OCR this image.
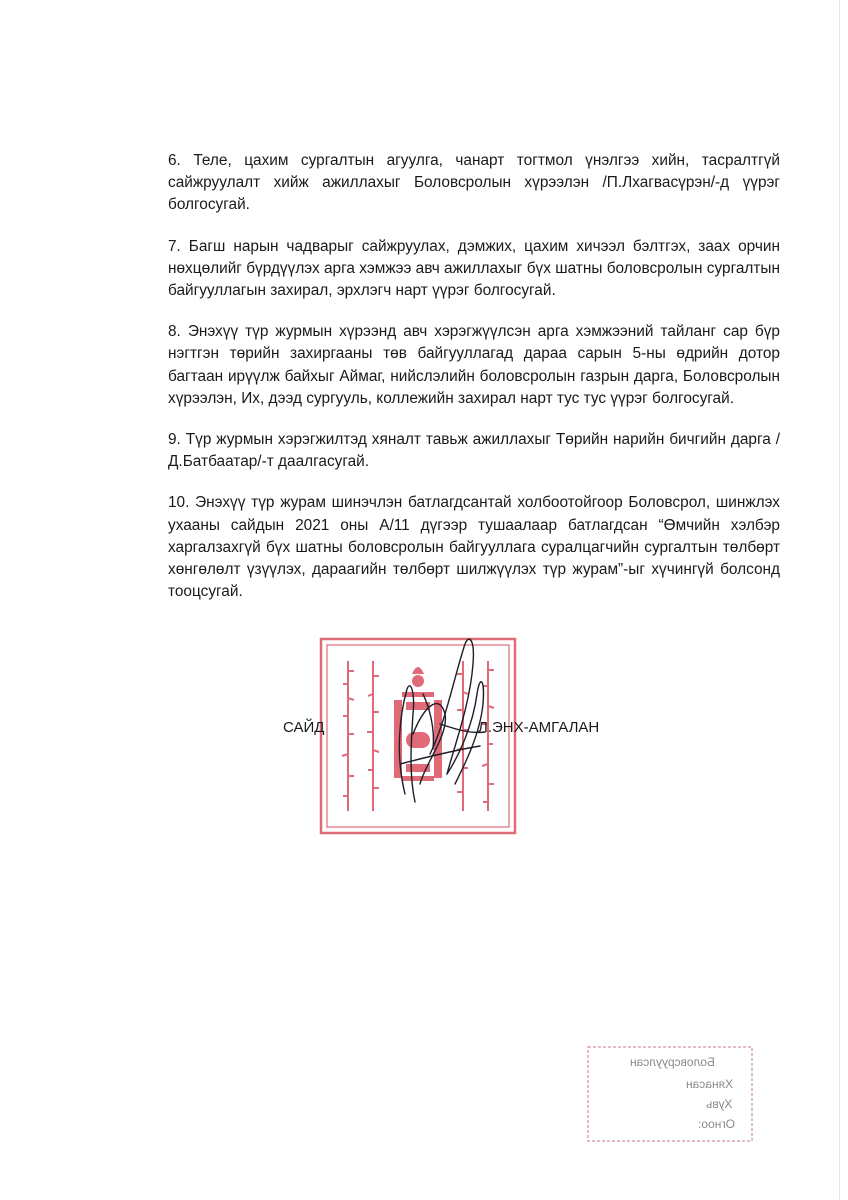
6. Теле, цахим сургалтын агуулга, чанарт тогтмол үнэлгээ хийн, тасралтгүй сайжруулалт хийж ажиллахыг Боловсролын хүрээлэн /П.Лхагвасүрэн/-д үүрэг болгосугай.

7. Багш нарын чадварыг сайжруулах, дэмжих, цахим хичээл бэлтгэх, заах орчин нөхцөлийг бүрдүүлэх арга хэмжээ авч ажиллахыг бүх шатны боловсролын сургалтын байгууллагын захирал, эрхлэгч нарт үүрэг болгосугай.

8. Энэхүү түр журмын хүрээнд авч хэрэгжүүлсэн арга хэмжээний тайланг сар бүр нэгтгэн төрийн захиргааны төв байгууллагад дараа сарын 5-ны өдрийн дотор багтаан ирүүлж байхыг Аймаг, нийслэлийн боловсролын газрын дарга, Боловсролын хүрээлэн, Их, дээд сургууль, коллежийн захирал нарт тус тус үүрэг болгосугай.

9. Түр журмын хэрэгжилтэд хяналт тавьж ажиллахыг Төрийн нарийн бичгийн дарга /Д.Батбаатар/-т даалгасугай.

10. Энэхүү түр журам шинэчлэн батлагдсантай холбоотойгоор Боловсрол, шинжлэх ухааны сайдын 2021 оны А/11 дүгээр тушаалаар батлагдсан “Өмчийн хэлбэр харгалзахгүй бүх шатны боловсролын байгууллага суралцагчийн сургалтын төлбөрт хөнгөлөлт үзүүлэх, дараагийн төлбөрт шилжүүлэх түр журам”-ыг хүчингүй болсонд тооцсугай.

САЙД	Л.ЭНХ-АМГАЛАН
Боловсруулсан
Хянасан
Хувь
Огноо:
